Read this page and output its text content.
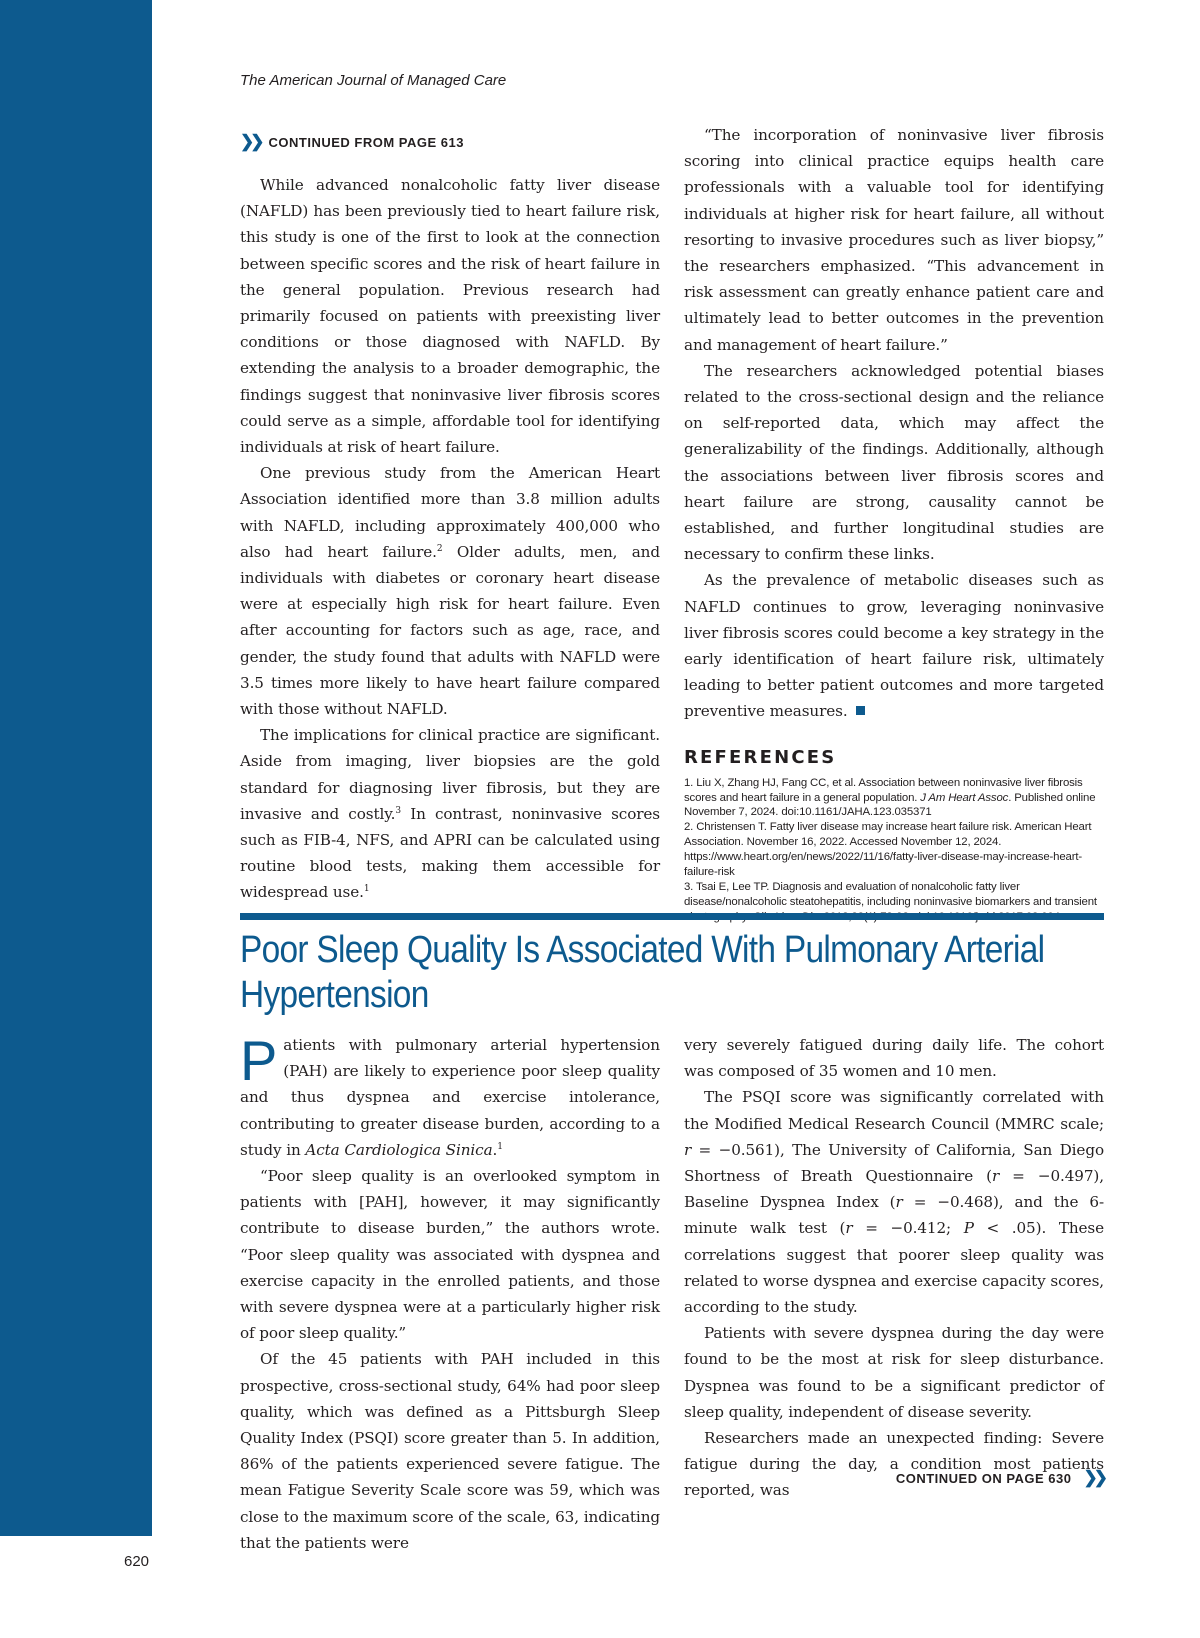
The American Journal of Managed Care
❯❯ CONTINUED FROM PAGE 613

While advanced nonalcoholic fatty liver disease (NAFLD) has been previously tied to heart failure risk, this study is one of the first to look at the connection between specific scores and the risk of heart failure in the general population. Previous research had primarily focused on patients with preexisting liver conditions or those diagnosed with NAFLD. By extending the analysis to a broader demographic, the findings suggest that noninvasive liver fibrosis scores could serve as a simple, affordable tool for identifying individuals at risk of heart failure.

One previous study from the American Heart Association identified more than 3.8 million adults with NAFLD, including approximately 400,000 who also had heart failure.$^2$ Older adults, men, and individuals with diabetes or coronary heart disease were at especially high risk for heart failure. Even after accounting for factors such as age, race, and gender, the study found that adults with NAFLD were 3.5 times more likely to have heart failure compared with those without NAFLD.

The implications for clinical practice are significant. Aside from imaging, liver biopsies are the gold standard for diagnosing liver fibrosis, but they are invasive and costly.$^3$ In contrast, noninvasive scores such as FIB-4, NFS, and APRI can be calculated using routine blood tests, making them accessible for widespread use.$^1$

“The incorporation of noninvasive liver fibrosis scoring into clinical practice equips health care professionals with a valuable tool for identifying individuals at higher risk for heart failure, all without resorting to invasive procedures such as liver biopsy,” the researchers emphasized. “This advancement in risk assessment can greatly enhance patient care and ultimately lead to better outcomes in the prevention and management of heart failure.”

The researchers acknowledged potential biases related to the cross-sectional design and the reliance on self-reported data, which may affect the generalizability of the findings. Additionally, although the associations between liver fibrosis scores and heart failure are strong, causality cannot be established, and further longitudinal studies are necessary to confirm these links.

As the prevalence of metabolic diseases such as NAFLD continues to grow, leveraging noninvasive liver fibrosis scores could become a key strategy in the early identification of heart failure risk, ultimately leading to better patient outcomes and more targeted preventive measures.

REFERENCES
1. Liu X, Zhang HJ, Fang CC, et al. Association between noninvasive liver fibrosis scores and heart failure in a general population. J Am Heart Assoc. Published online November 7, 2024. doi:10.1161/JAHA.123.035371
2. Christensen T. Fatty liver disease may increase heart failure risk. American Heart Association. November 16, 2022. Accessed November 12, 2024. https://www.heart.org/en/news/2022/11/16/fatty-liver-disease-may-increase-heart-failure-risk
3. Tsai E, Lee TP. Diagnosis and evaluation of nonalcoholic fatty liver disease/nonalcoholic steatohepatitis, including noninvasive biomarkers and transient
Poor Sleep Quality Is Associated With Pulmonary Arterial Hypertension

Patients with pulmonary arterial hypertension (PAH) are likely to experience poor sleep quality and thus dyspnea and exercise intolerance, contributing to greater disease burden, according to a study in Acta Cardiologica Sinica.$^1$

“Poor sleep quality is an overlooked symptom in patients with [PAH], however, it may significantly contribute to disease burden,” the authors wrote. “Poor sleep quality was associated with dyspnea and exercise capacity in the enrolled patients, and those with severe dyspnea were at a particularly higher risk of poor sleep quality.”

Of the 45 patients with PAH included in this prospective, cross-sectional study, 64% had poor sleep quality, which was defined as a Pittsburgh Sleep Quality Index (PSQI) score greater than 5. In addition, 86% of the patients experienced severe fatigue. The mean Fatigue Severity Scale score was 59, which was close to the maximum score of the scale, 63, indicating that the patients were

very severely fatigued during daily life. The cohort was composed of 35 women and 10 men.

The PSQI score was significantly correlated with the Modified Medical Research Council (MMRC scale; r = −0.561), The University of California, San Diego Shortness of Breath Questionnaire (r = −0.497), Baseline Dyspnea Index (r = −0.468), and the 6-minute walk test (r = −0.412; P < .05). These correlations suggest that poorer sleep quality was related to worse dyspnea and exercise capacity scores, according to the study.

Patients with severe dyspnea during the day were found to be the most at risk for sleep disturbance. Dyspnea was found to be a significant predictor of sleep quality, independent of disease severity.

Researchers made an unexpected finding: Severe fatigue during the day, a condition most patients reported, was

CONTINUED ON PAGE 630 ❯❯
620
